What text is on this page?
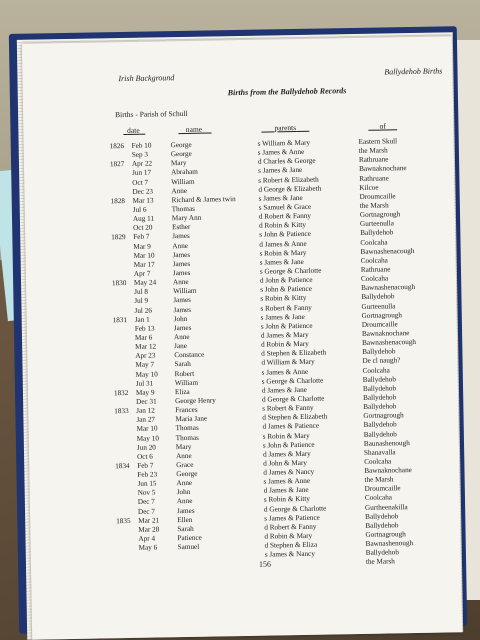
Irish Background
Ballydehob Births
Births from the Ballydehob Records
Births - Parish of Schull
date	name	parents	of
1826 Feb 10	George	s William & Mary	Eastern Skull
Sep 3	George	s James & Anne	the Marsh
1827 Apr 22	Mary	d Charles & George	Rathruane
Jun 17	Abraham	s James & Jane	Bawnaknochane
Oct 7	William	s Robert & Elizabeth	Rathruane
Dec 23	Anne	d George & Elizabeth	Kilcoe
1828 Mar 13 Richard & James twin	s James & Jane	Droumcaille
Jul 6	Thomas	s Samuel & Grace	the Marsh
Aug 11 Mary Ann	d Robert & Fanny	Gortnagrough
Oct 20	Esther	d Robin & Kitty	Gurteenulla
1829 Feb 7	James	s John & Patience	Ballydehob
Mar 9	Anne	d James & Anne	Coolcaha
Mar 10 James	s Robin & Mary	Bawnashenacough
Mar 17 James	s James & Jane	Coolcaha
Apr 7	James	s George & Charlotte	Rathruane
1830 May 24 Anne	d John & Patience	Coolcaha
Jul 8	William	s John & Patience	Bawnashenacough
Jul 9	James	s Robin & Kitty	Ballydehob
Jul 26	James	s Robert & Fanny	Gurteenulla
1831 Jan 1	John	s James & Jane	Gortnagrough
Feb 13	James	s John & Patience	Droumcaille
Mar 6	Anne	d James & Mary	Bawnaknochane
Mar 12 Jane	d Robin & Mary	Bawnashenacough
Apr 23	Constance	d Stephen & Elizabeth	Ballydehob
May 7	Sarah	d William & Mary	De cl naugh?
May 10 Robert	s James & Anne	Coolcaha
Jul 31	William	s George & Charlotte	Ballydehob
1832 May 9	Eliza	d James & Jane	Ballydehob
Dec 31	George Henry	d George & Charlotte	Ballydehob
1833 Jan 12	Frances	s Robert & Fanny	Ballydehob
Jan 27	Maria Jane	d Stephen & Elizabeth	Gortnagrough
Mar 10 Thomas	d James & Patience	Ballydehob
May 10 Thomas	s Robin & Mary	Ballydehob
Jun 20	Mary	s John & Patience	Baunashenough
Oct 6	Anne	d James & Mary	Shanavalla
1834 Feb 7	Grace	d John & Mary	Coolcaha
Feb 23	George	d James & Nancy	Bawnaknochane
Jun 15	Anne	s James & Anne	the Marsh
Nov 5	John	d James & Jane	Droumcaille
Dec 7	Anne	s Robin & Kitty	Coolcaha
Dec 7	James	d George & Charlotte	Gurtheenakilla
1835 Mar 21 Ellen	s James & Patience	Ballydehob
Mar 28 Sarah	d Robert & Fanny	Ballydehob
Apr 4	Patience	d Robin & Mary	Gortnagrough
May 6	Samuel	d Stephen & Eliza	Bawnashenough
s James & Nancy	Ballydehob
the Marsh
156
